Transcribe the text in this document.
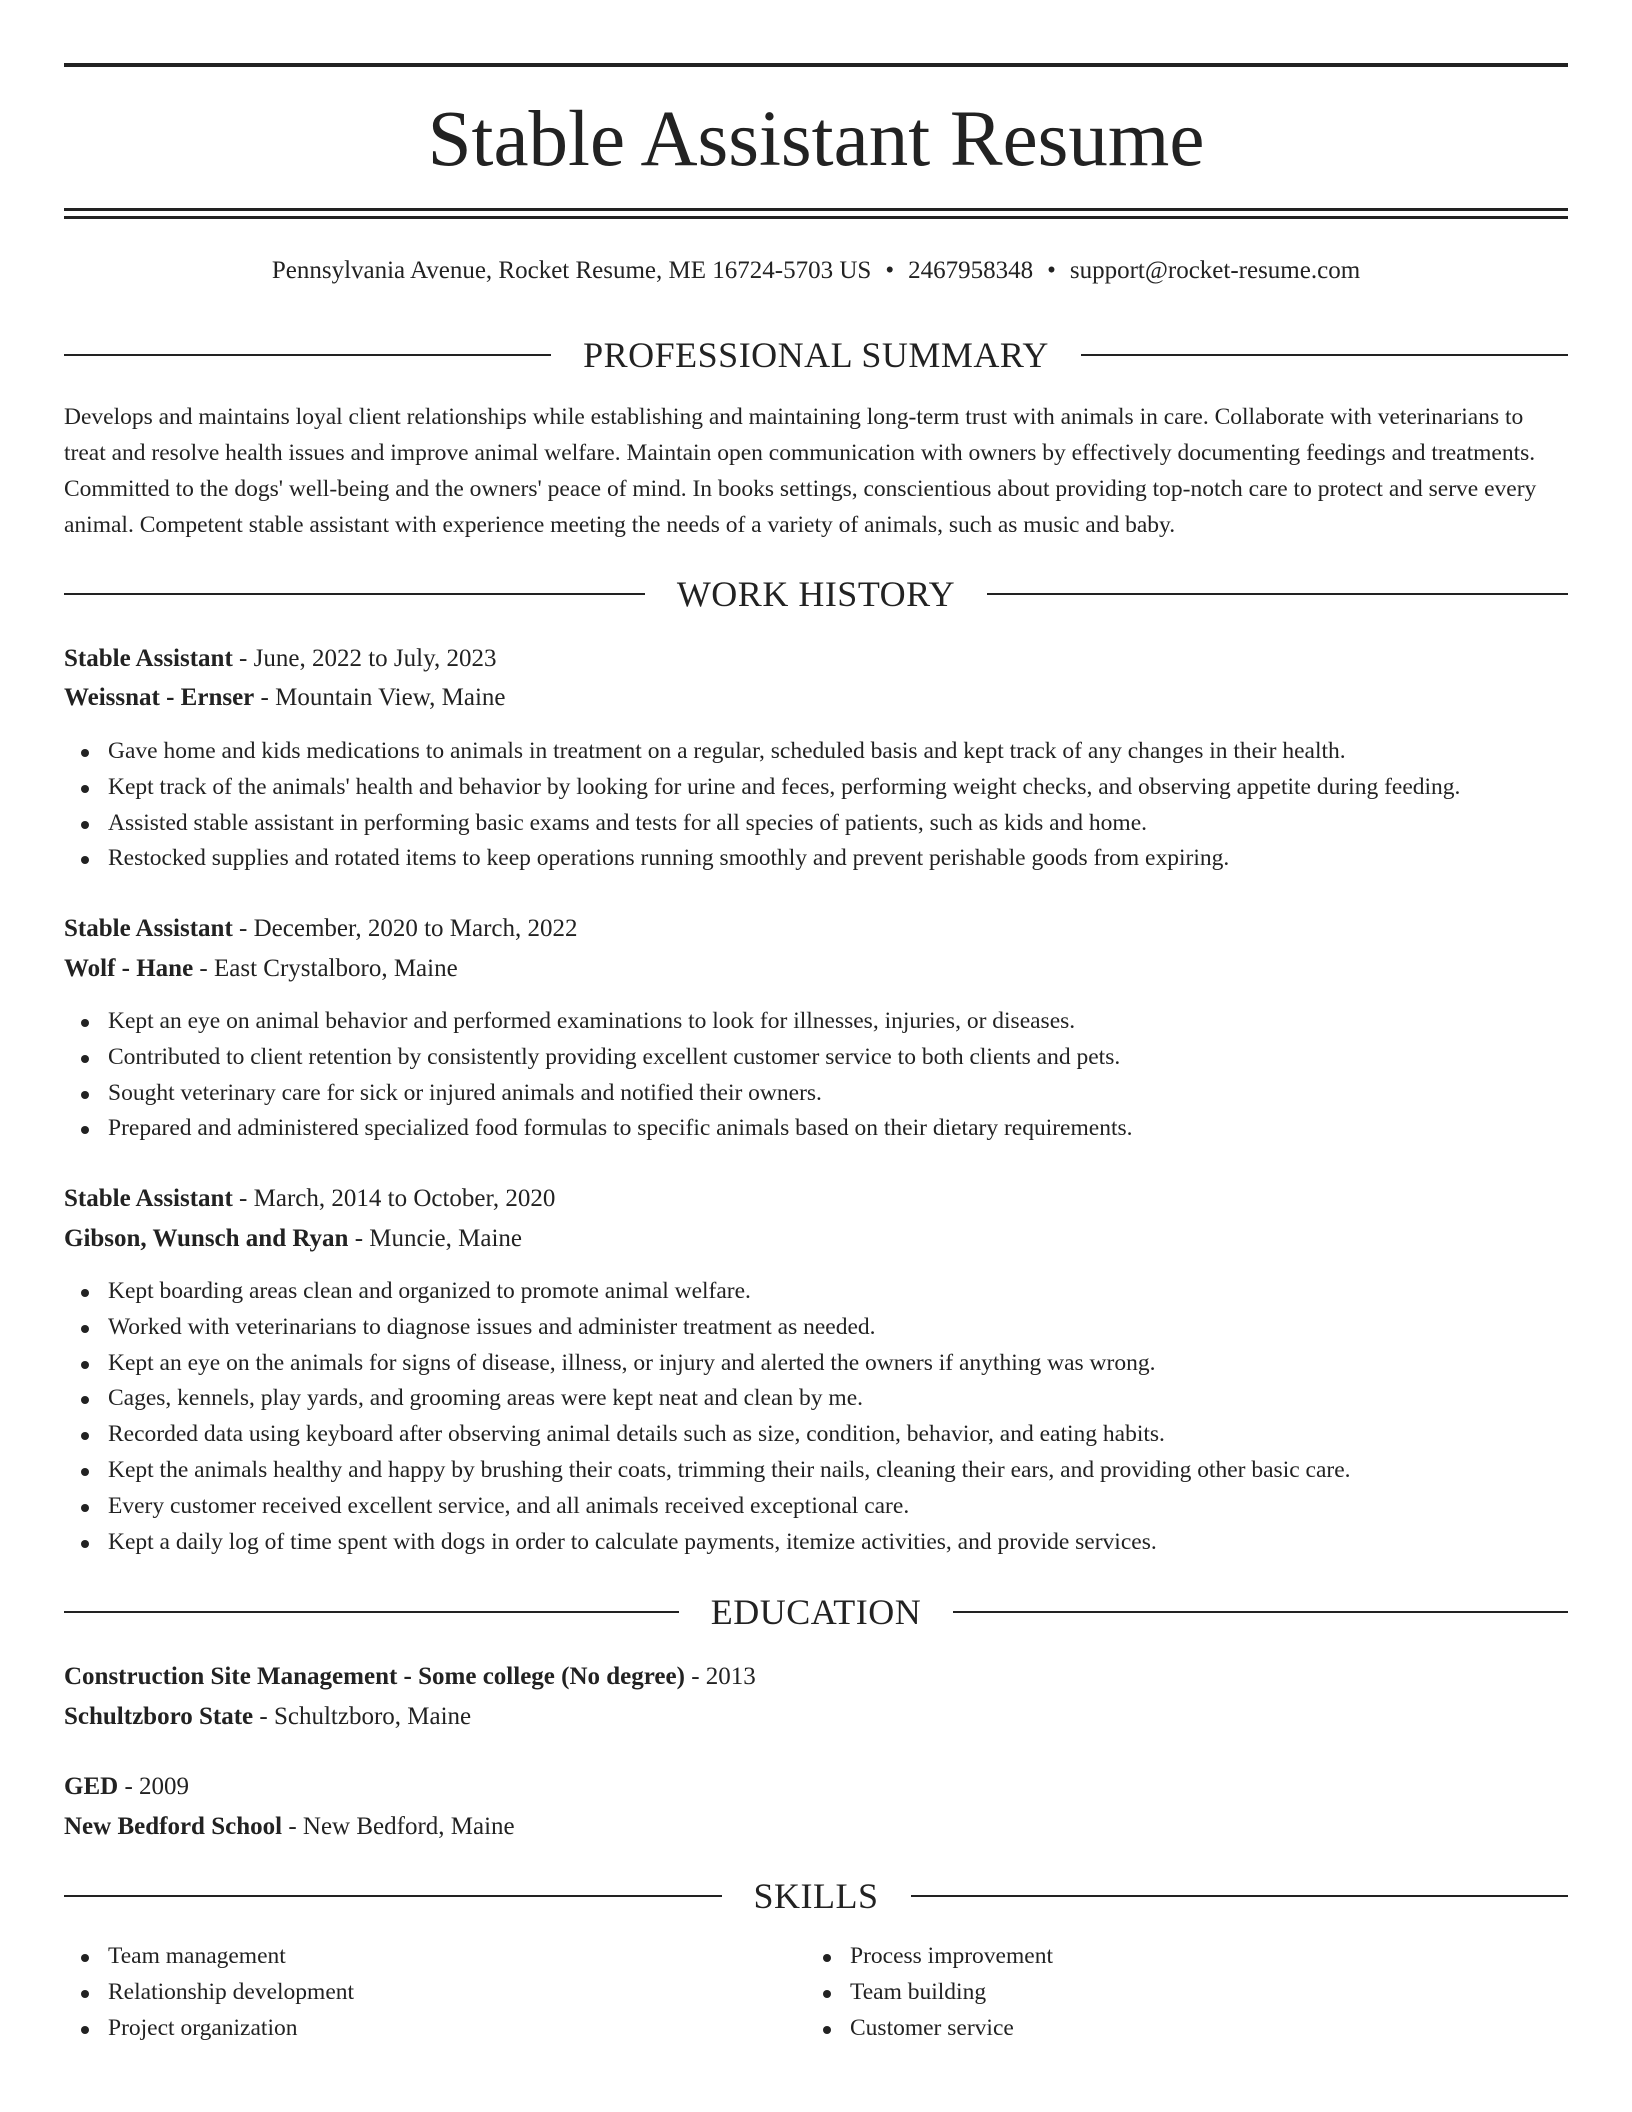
Stable Assistant Resume
Pennsylvania Avenue, Rocket Resume, ME 16724-5703 US • 2467958348 • support@rocket-resume.com
PROFESSIONAL SUMMARY

Develops and maintains loyal client relationships while establishing and maintaining long-term trust with animals in care. Collaborate with veterinarians to treat and resolve health issues and improve animal welfare. Maintain open communication with owners by effectively documenting feedings and treatments. Committed to the dogs' well-being and the owners' peace of mind. In books settings, conscientious about providing top-notch care to protect and serve every animal. Competent stable assistant with experience meeting the needs of a variety of animals, such as music and baby.

WORK HISTORY
Stable Assistant - June, 2022 to July, 2023
Weissnat - Ernser - Mountain View, Maine
Gave home and kids medications to animals in treatment on a regular, scheduled basis and kept track of any changes in their health.
Kept track of the animals' health and behavior by looking for urine and feces, performing weight checks, and observing appetite during feeding.
Assisted stable assistant in performing basic exams and tests for all species of patients, such as kids and home.
Restocked supplies and rotated items to keep operations running smoothly and prevent perishable goods from expiring.
Stable Assistant - December, 2020 to March, 2022
Wolf - Hane - East Crystalboro, Maine
Kept an eye on animal behavior and performed examinations to look for illnesses, injuries, or diseases.
Contributed to client retention by consistently providing excellent customer service to both clients and pets.
Sought veterinary care for sick or injured animals and notified their owners.
Prepared and administered specialized food formulas to specific animals based on their dietary requirements.
Stable Assistant - March, 2014 to October, 2020
Gibson, Wunsch and Ryan - Muncie, Maine
Kept boarding areas clean and organized to promote animal welfare.
Worked with veterinarians to diagnose issues and administer treatment as needed.
Kept an eye on the animals for signs of disease, illness, or injury and alerted the owners if anything was wrong.
Cages, kennels, play yards, and grooming areas were kept neat and clean by me.
Recorded data using keyboard after observing animal details such as size, condition, behavior, and eating habits.
Kept the animals healthy and happy by brushing their coats, trimming their nails, cleaning their ears, and providing other basic care.
Every customer received excellent service, and all animals received exceptional care.
Kept a daily log of time spent with dogs in order to calculate payments, itemize activities, and provide services.
EDUCATION
Construction Site Management - Some college (No degree) - 2013
Schultzboro State - Schultzboro, Maine
GED - 2009
New Bedford School - New Bedford, Maine
SKILLS
Team management
Relationship development
Project organization
Process improvement
Team building
Customer service
